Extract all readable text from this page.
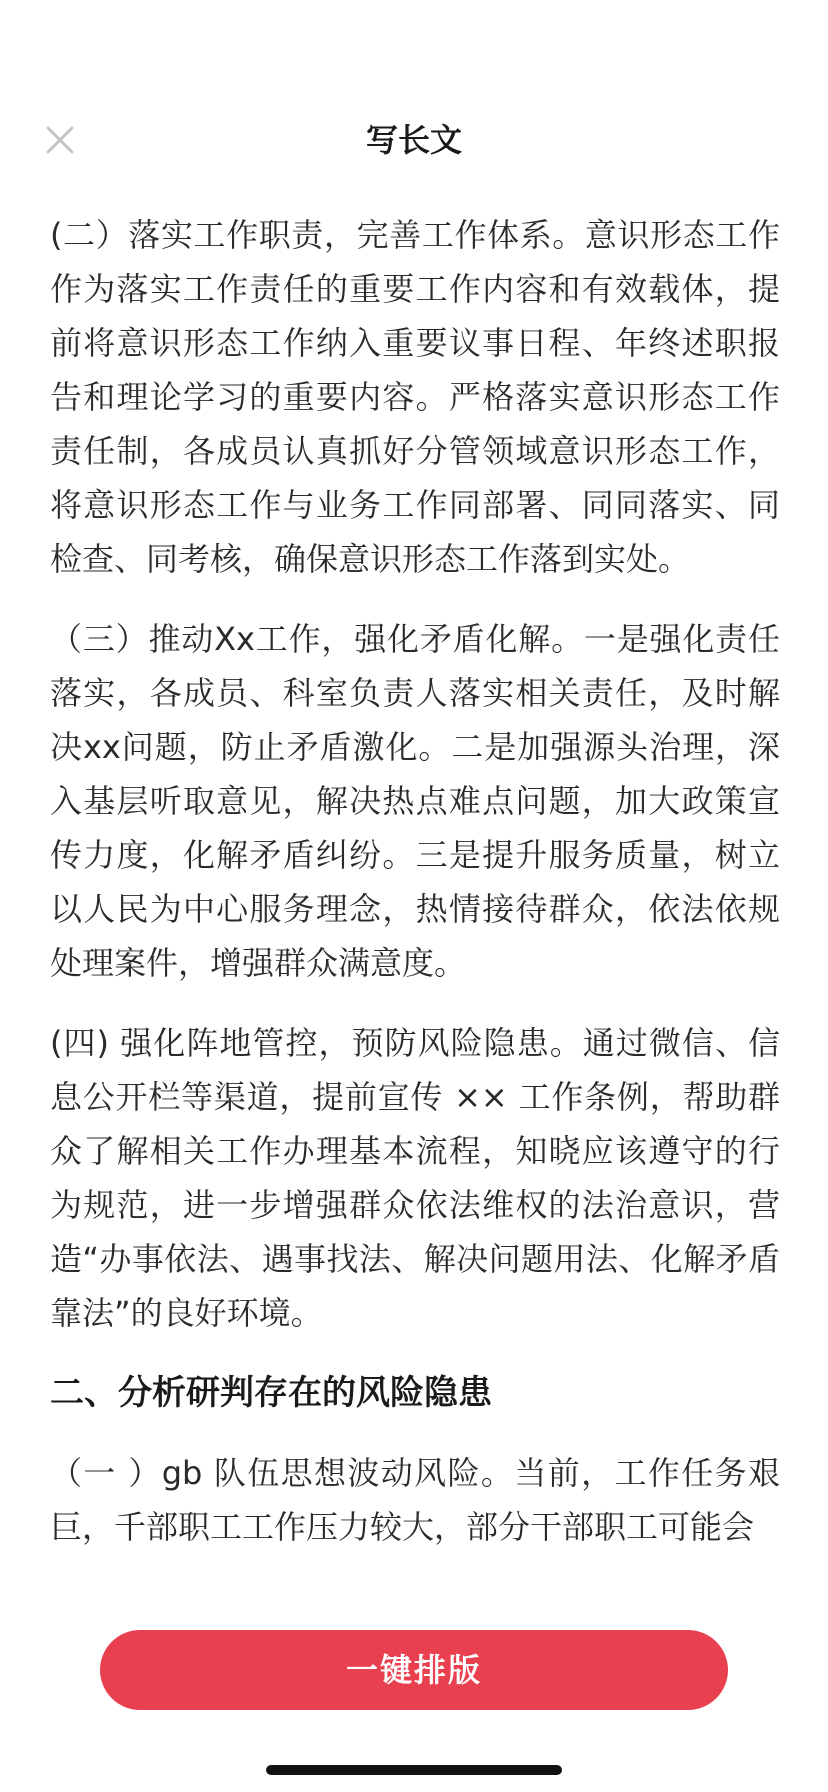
写长文

(二）落实工作职责，完善工作体系。意识形态工作作为落实工作责任的重要工作内容和有效载体，提前将意识形态工作纳入重要议事日程、年终述职报告和理论学习的重要内容。严格落实意识形态工作责任制，各成员认真抓好分管领域意识形态工作，将意识形态工作与业务工作同部署、同同落实、同检查、同考核，确保意识形态工作落到实处。

（三）推动Xx工作，强化矛盾化解。一是强化责任落实，各成员、科室负责人落实相关责任，及时解决xx问题，防止矛盾激化。二是加强源头治理，深入基层听取意见，解决热点难点问题，加大政策宣传力度，化解矛盾纠纷。三是提升服务质量，树立以人民为中心服务理念，热情接待群众，依法依规处理案件，增强群众满意度。

(四) 强化阵地管控，预防风险隐患。通过微信、信息公开栏等渠道，提前宣传 ×× 工作条例，帮助群众了解相关工作办理基本流程，知晓应该遵守的行为规范，进一步增强群众依法维权的法治意识，营造“办事依法、遇事找法、解决问题用法、化解矛盾靠法”的良好环境。

二、分析研判存在的风险隐患

（一 ）gb 队伍思想波动风险。当前，工作任务艰巨，千部职工工作压力较大，部分干部职工可能会

一键排版
